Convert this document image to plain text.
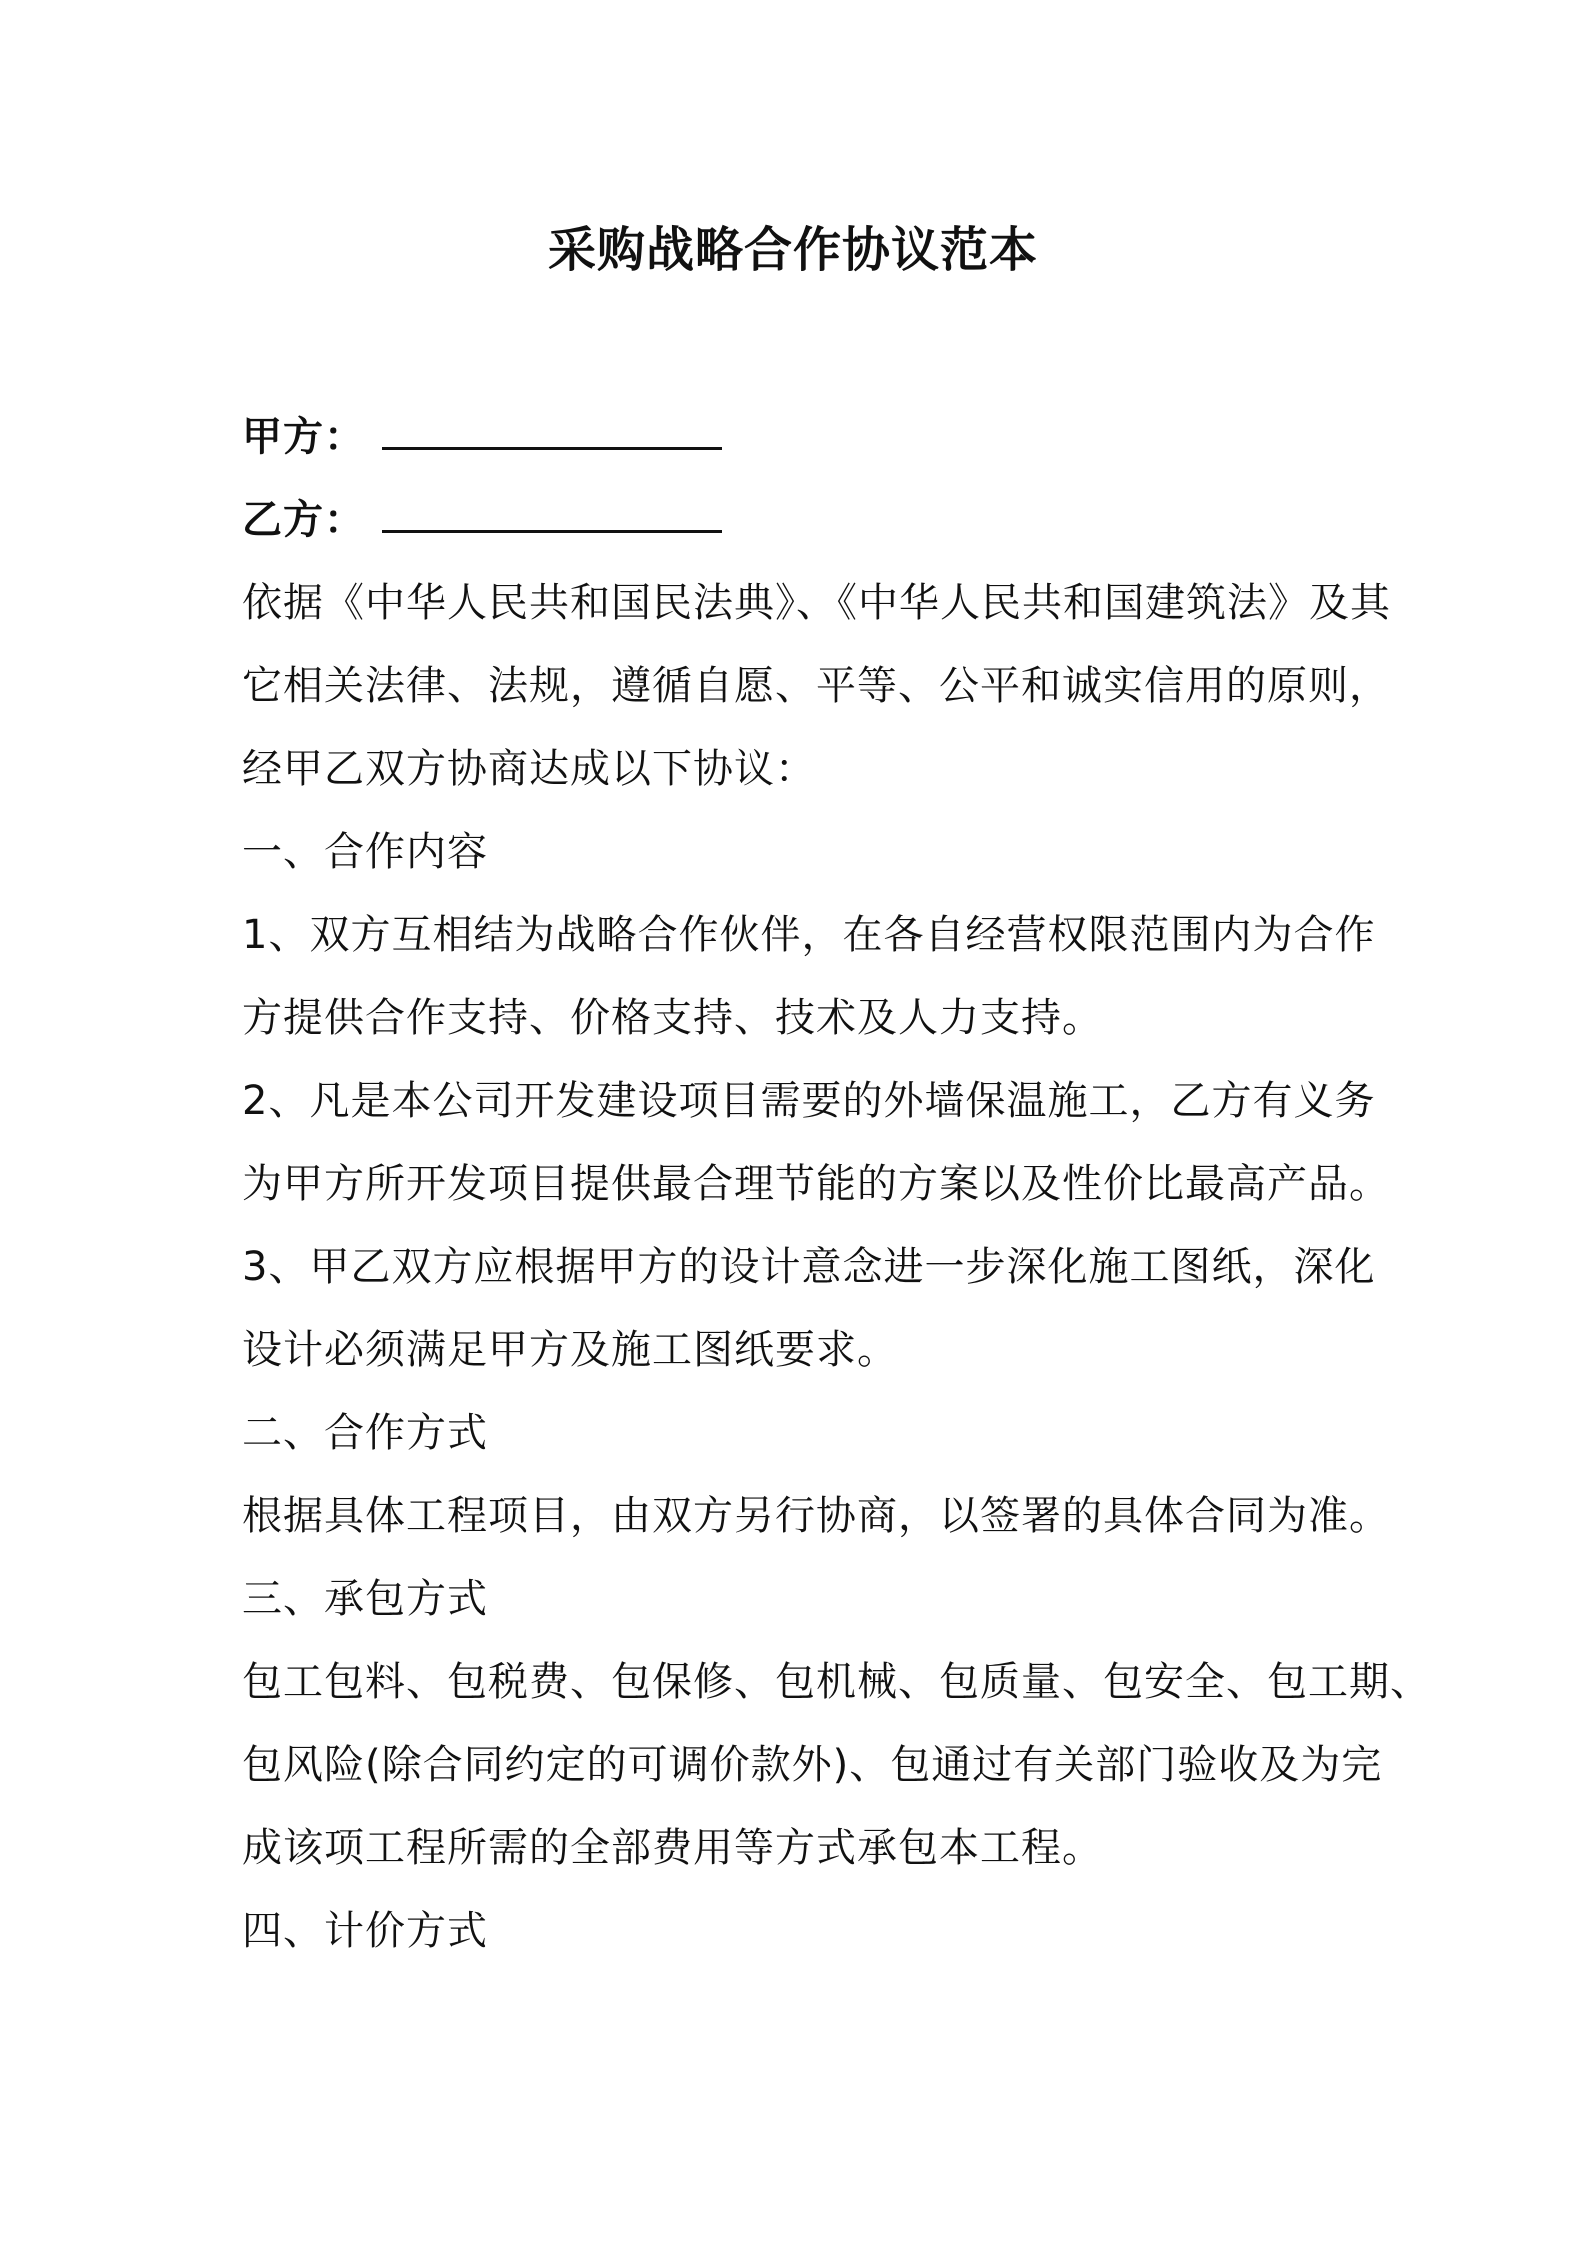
采购战略合作协议范本
甲方：
乙方：
依据《中华人民共和国民法典》、《中华人民共和国建筑法》及其
它相关法律、法规，遵循自愿、平等、公平和诚实信用的原则，
经甲乙双方协商达成以下协议：
一、合作内容
1、双方互相结为战略合作伙伴，在各自经营权限范围内为合作
方提供合作支持、价格支持、技术及人力支持。
2、凡是本公司开发建设项目需要的外墙保温施工，乙方有义务
为甲方所开发项目提供最合理节能的方案以及性价比最高产品。
3、甲乙双方应根据甲方的设计意念进一步深化施工图纸，深化
设计必须满足甲方及施工图纸要求。
二、合作方式
根据具体工程项目，由双方另行协商，以签署的具体合同为准。
三、承包方式
包工包料、包税费、包保修、包机械、包质量、包安全、包工期、
包风险(除合同约定的可调价款外)、包通过有关部门验收及为完
成该项工程所需的全部费用等方式承包本工程。
四、计价方式
